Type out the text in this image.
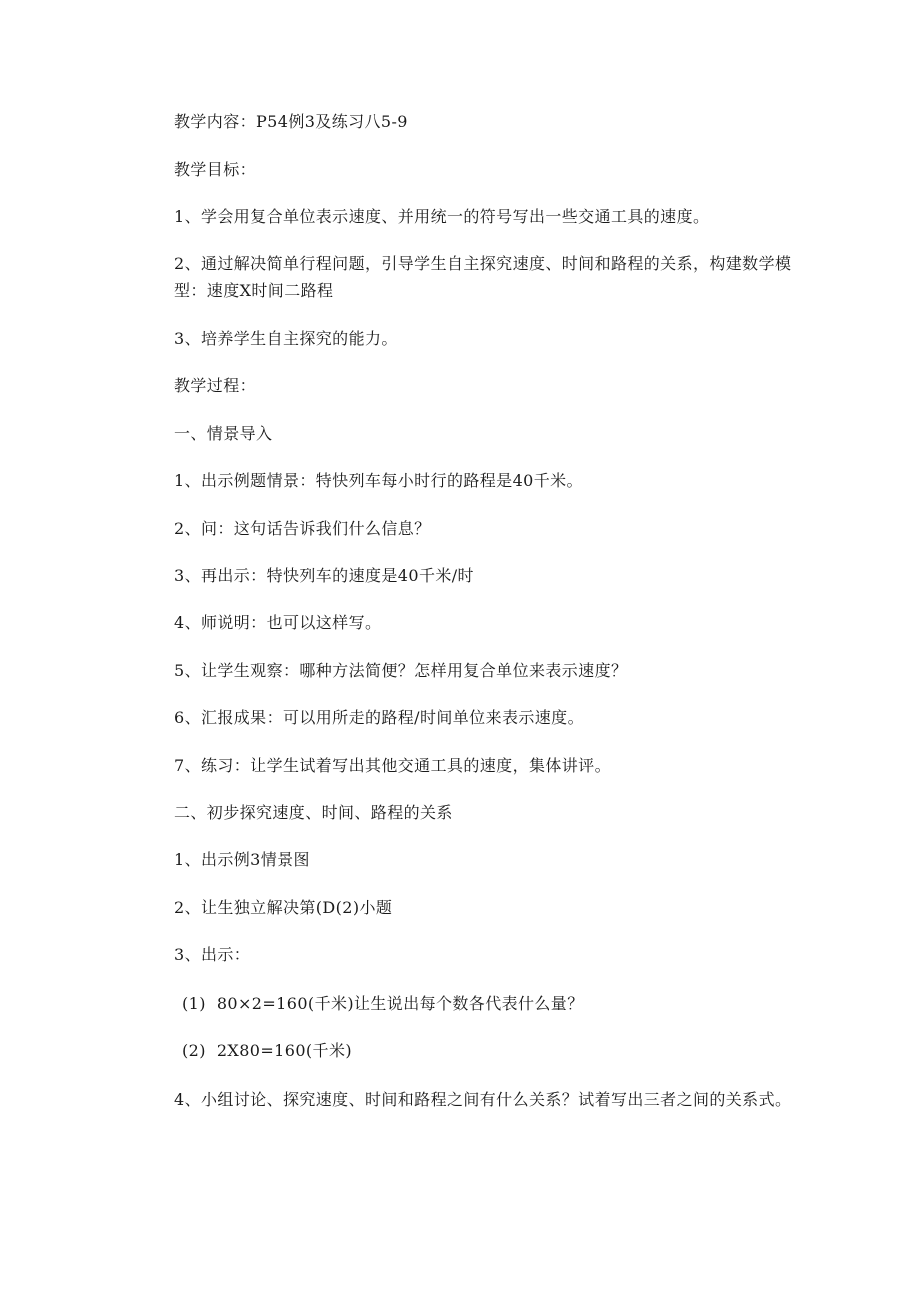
教学内容：P54例3及练习八5-9
教学目标：
1、学会用复合单位表示速度、并用统一的符号写出一些交通工具的速度。
2、通过解决简单行程问题，引导学生自主探究速度、时间和路程的关系，构建数学模型：速度X时间二路程
3、培养学生自主探究的能力。
教学过程：
一、情景导入
1、出示例题情景：特快列车每小时行的路程是40千米。
2、问：这句话告诉我们什么信息？
3、再出示：特快列车的速度是40千米/时
4、师说明：也可以这样写。
5、让学生观察：哪种方法简便？怎样用复合单位来表示速度？
6、汇报成果：可以用所走的路程/时间单位来表示速度。
7、练习：让学生试着写出其他交通工具的速度，集体讲评。
二、初步探究速度、时间、路程的关系
1、出示例3情景图
2、让生独立解决第(D(2)小题
3、出示：
(1)  80×2=160(千米)让生说出每个数各代表什么量？
(2)  2X80=160(千米)
4、小组讨论、探究速度、时间和路程之间有什么关系？试着写出三者之间的关系式。
